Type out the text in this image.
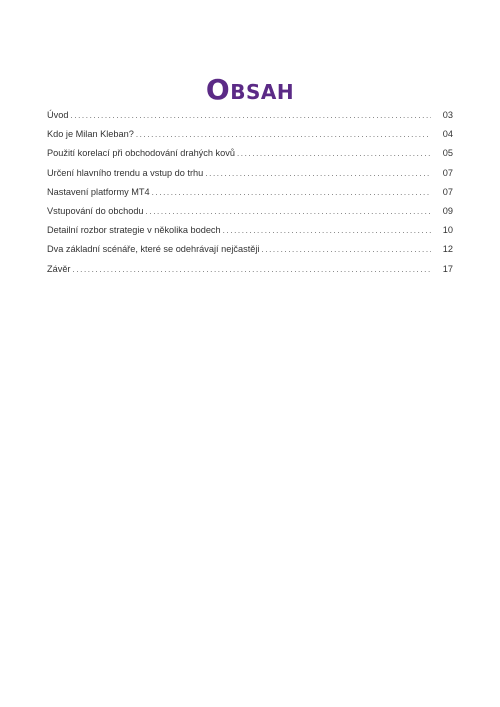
Obsah
Úvod .....	03
Kdo je Milan Kleban? .....	04
Použití korelací při obchodování drahých kovů .....	05
Určení hlavního trendu a vstup do trhu .....	07
Nastavení platformy MT4 .....	07
Vstupování do obchodu .....	09
Detailní rozbor strategie v několika bodech .....	10
Dva základní scénáře, které se odehrávají nejčastěji .....	12
Závěr .....	17
